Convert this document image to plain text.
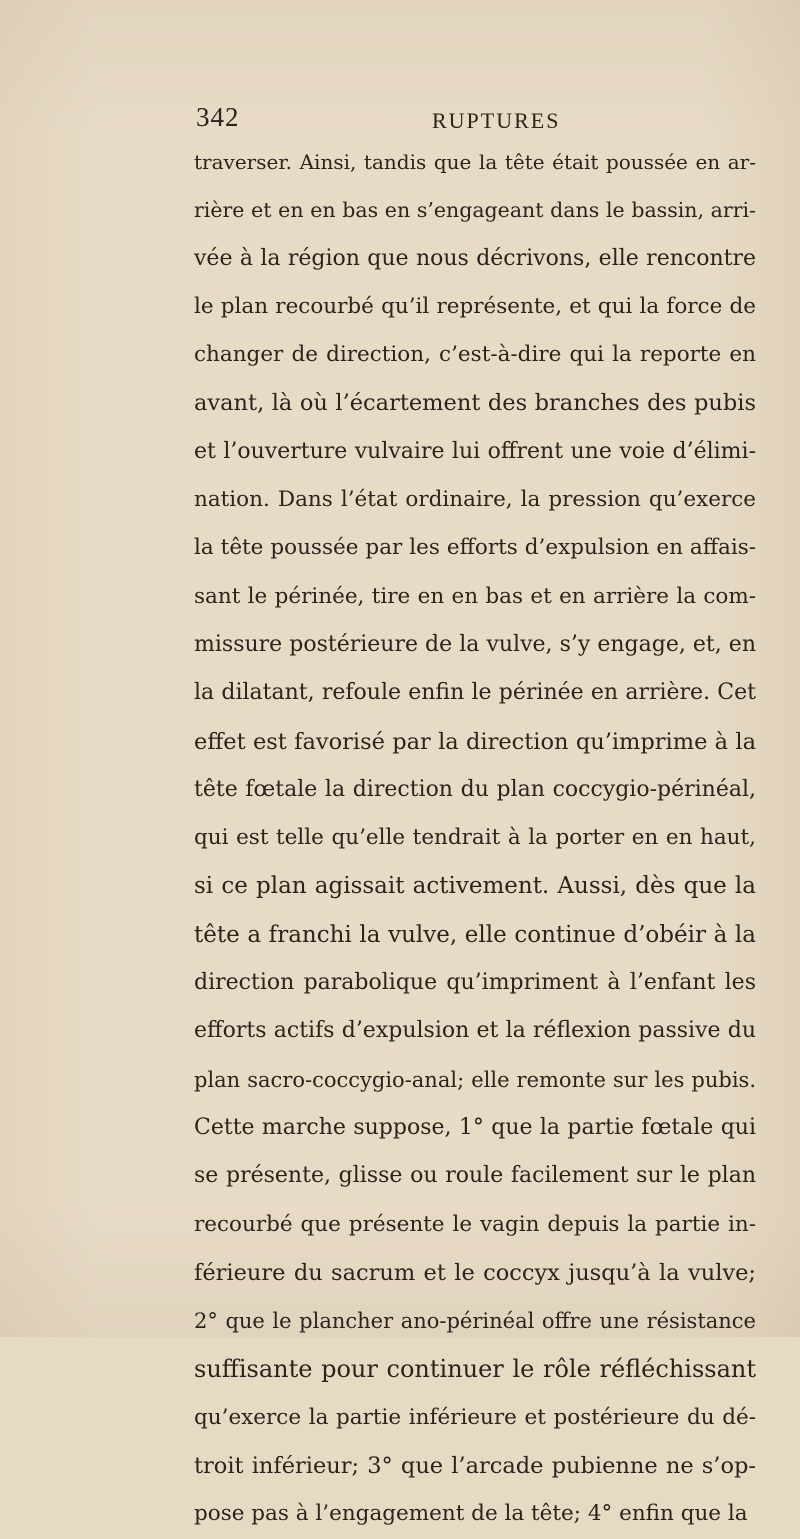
342	RUPTURES
traverser. Ainsi, tandis que la tête était poussée en ar-
rière et en en bas en s’engageant dans le bassin, arri-
vée à la région que nous décrivons, elle rencontre
le plan recourbé qu’il représente, et qui la force de
changer de direction, c’est-à-dire qui la reporte en
avant, là où l’écartement des branches des pubis
et l’ouverture vulvaire lui offrent une voie d’élimi-
nation. Dans l’état ordinaire, la pression qu’exerce
la tête poussée par les efforts d’expulsion en affais-
sant le périnée, tire en en bas et en arrière la com-
missure postérieure de la vulve, s’y engage, et, en
la dilatant, refoule enfin le périnée en arrière. Cet
effet est favorisé par la direction qu’imprime à la
tête fœtale la direction du plan coccygio-périnéal,
qui est telle qu’elle tendrait à la porter en en haut,
si ce plan agissait activement. Aussi, dès que la
tête a franchi la vulve, elle continue d’obéir à la
direction parabolique qu’impriment à l’enfant les
efforts actifs d’expulsion et la réflexion passive du
plan sacro-coccygio-anal; elle remonte sur les pubis.
Cette marche suppose, 1° que la partie fœtale qui
se présente, glisse ou roule facilement sur le plan
recourbé que présente le vagin depuis la partie in-
férieure du sacrum et le coccyx jusqu’à la vulve;
2° que le plancher ano-périnéal offre une résistance
suffisante pour continuer le rôle réfléchissant
qu’exerce la partie inférieure et postérieure du dé-
troit inférieur; 3° que l’arcade pubienne ne s’op-
pose pas à l’engagement de la tête; 4° enfin que la
